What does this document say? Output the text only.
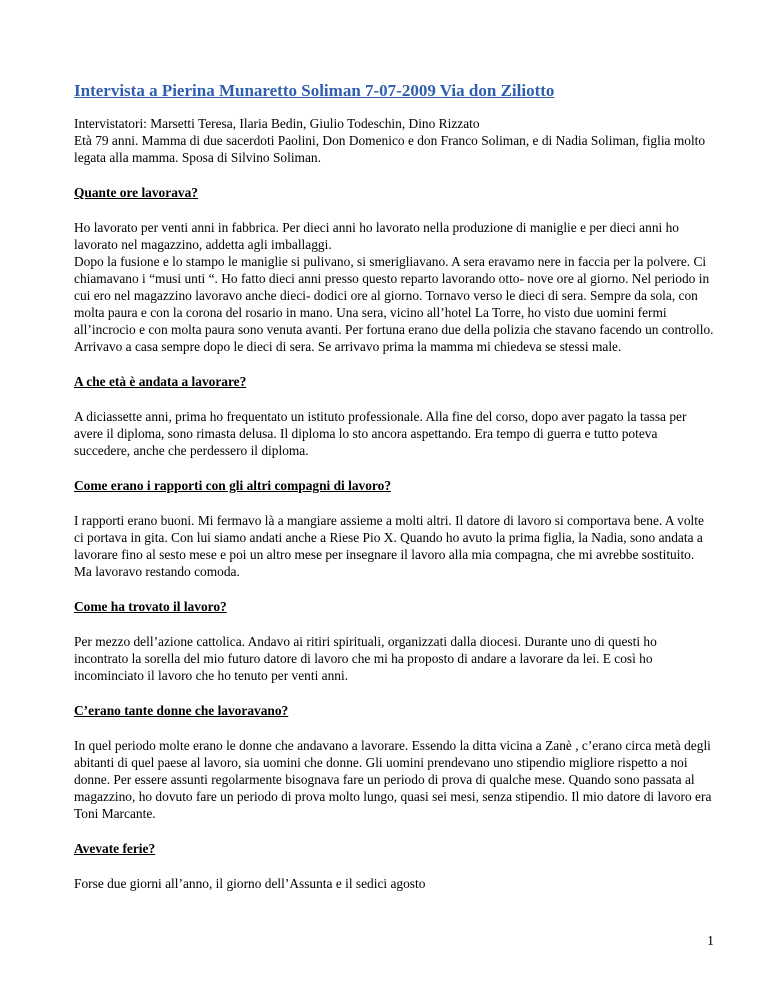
Intervista a Pierina Munaretto Soliman 7-07-2009 Via don Ziliotto

Intervistatori: Marsetti Teresa, Ilaria Bedin, Giulio Todeschin, Dino Rizzato

Età 79 anni. Mamma di due sacerdoti Paolini, Don Domenico e don Franco Soliman, e di Nadia Soliman, figlia molto legata alla mamma. Sposa di Silvino Soliman.

Quante ore lavorava?

Ho lavorato per venti anni in fabbrica. Per dieci anni ho lavorato nella produzione di maniglie e per dieci anni ho lavorato nel magazzino, addetta agli imballaggi.
Dopo la fusione e lo stampo le maniglie si pulivano, si smerigliavano. A sera eravamo nere in faccia per la polvere. Ci chiamavano i “musi unti “. Ho fatto dieci anni presso questo reparto lavorando otto- nove ore al giorno. Nel periodo in cui ero nel magazzino lavoravo anche dieci- dodici ore al giorno. Tornavo verso le dieci di sera. Sempre da sola, con molta paura e con la corona del rosario in mano. Una sera, vicino all’hotel La Torre, ho visto due uomini fermi all’incrocio e con molta paura sono venuta avanti. Per fortuna erano due della polizia che stavano facendo un controllo. Arrivavo a casa sempre dopo le dieci di sera. Se arrivavo prima la mamma mi chiedeva se stessi male.

A che età è andata a lavorare?

A diciassette anni, prima ho frequentato un istituto professionale. Alla fine del corso, dopo aver pagato la tassa per avere il diploma, sono rimasta delusa. Il diploma lo sto ancora aspettando. Era tempo di guerra e tutto poteva succedere, anche che perdessero il diploma.

Come erano i rapporti con gli altri compagni di lavoro?

I rapporti erano buoni. Mi fermavo là a mangiare assieme a molti altri. Il datore di lavoro si comportava bene. A volte ci portava in gita. Con lui siamo andati anche a Riese Pio X. Quando ho avuto la prima figlia, la Nadia, sono andata a lavorare fino al sesto mese e poi un altro mese per insegnare il lavoro alla mia compagna, che mi avrebbe sostituito. Ma lavoravo restando comoda.

Come ha trovato il lavoro?

Per mezzo dell’azione cattolica. Andavo ai ritiri spirituali, organizzati dalla diocesi. Durante uno di questi ho incontrato la sorella del mio futuro datore di lavoro che mi ha proposto di andare a lavorare da lei. E così ho incominciato il lavoro che ho tenuto per venti anni.

C’erano tante donne che lavoravano?

In quel periodo molte erano le donne che andavano a lavorare. Essendo la ditta vicina a Zanè , c’erano circa metà degli abitanti di quel paese al lavoro, sia uomini che donne. Gli uomini prendevano uno stipendio migliore rispetto a noi donne. Per essere assunti regolarmente bisognava fare un periodo di prova di qualche mese. Quando sono passata al magazzino, ho dovuto fare un periodo di prova molto lungo, quasi sei mesi, senza stipendio. Il mio datore di lavoro era Toni Marcante.

Avevate ferie?

Forse due giorni all’anno, il giorno dell’Assunta e il sedici agosto

1
